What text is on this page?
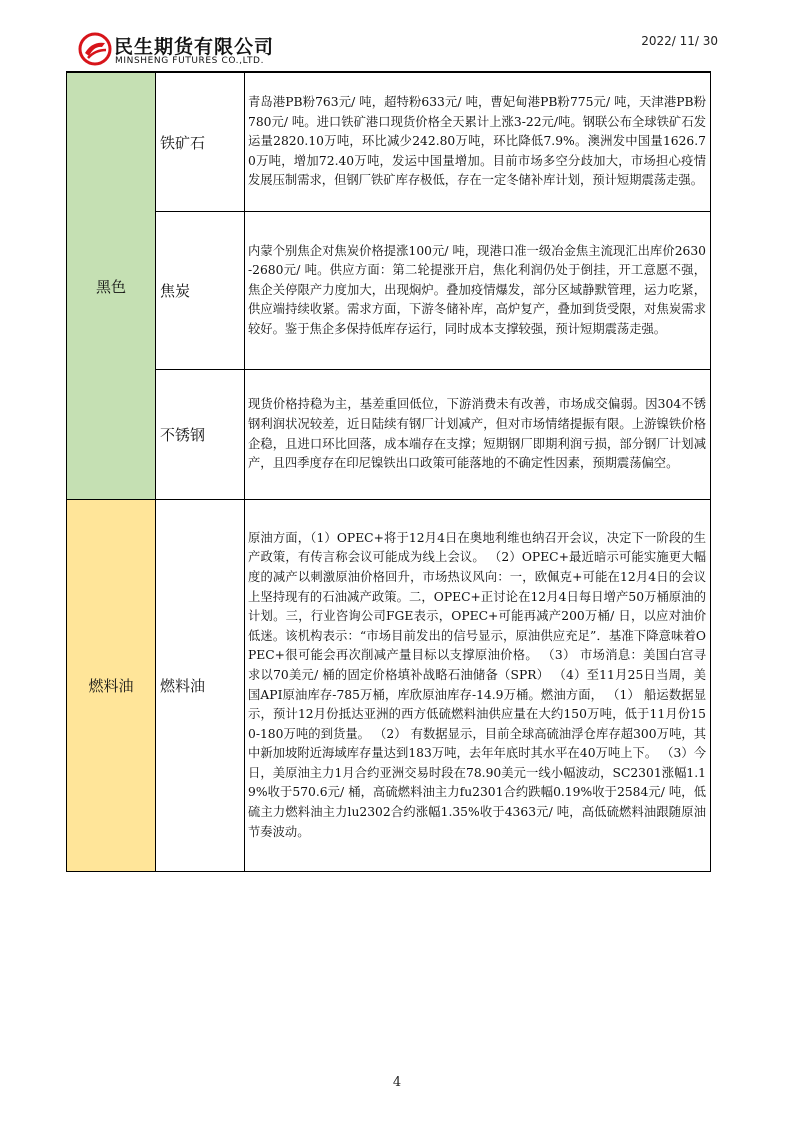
民生期货有限公司
MINSHENG FUTURES CO.,LTD.
2022/ 11/ 30
黑色	铁矿石	青岛港PB粉763元/ 吨，超特粉633元/ 吨，曹妃甸港PB粉775元/ 吨，天津港PB粉780元/ 吨。进口铁矿港口现货价格全天累计上涨3-22元/吨。钢联公布全球铁矿石发运量2820.10万吨，环比减少242.80万吨，环比降低7.9%。澳洲发中国量1626.70万吨，增加72.40万吨，发运中国量增加。目前市场多空分歧加大，市场担心疫情发展压制需求，但钢厂铁矿库存极低，存在一定冬储补库计划，预计短期震荡走强。
	焦炭	内蒙个别焦企对焦炭价格提涨100元/ 吨，现港口准一级冶金焦主流现汇出库价2630-2680元/ 吨。供应方面：第二轮提涨开启，焦化利润仍处于倒挂，开工意愿不强，焦企关停限产力度加大，出现焖炉。叠加疫情爆发，部分区域静默管理，运力吃紧，供应端持续收紧。需求方面，下游冬储补库，高炉复产，叠加到货受限，对焦炭需求较好。鉴于焦企多保持低库存运行，同时成本支撑较强，预计短期震荡走强。
	不锈钢	现货价格持稳为主，基差重回低位，下游消费未有改善，市场成交偏弱。因304不锈钢利润状况较差，近日陆续有钢厂计划减产，但对市场情绪提振有限。上游镍铁价格企稳，且进口环比回落，成本端存在支撑；短期钢厂即期利润亏损，部分钢厂计划减产，且四季度存在印尼镍铁出口政策可能落地的不确定性因素，预期震荡偏空。
燃料油	燃料油	原油方面，（1）OPEC+将于12月4日在奥地利维也纳召开会议，决定下一阶段的生产政策，有传言称会议可能成为线上会议。 （2）OPEC+最近暗示可能实施更大幅度的减产以刺激原油价格回升，市场热议风向：一，欧佩克+可能在12月4日的会议上坚持现有的石油减产政策。二，OPEC+正讨论在12月4日每日增产50万桶原油的计划。三，行业咨询公司FGE表示，OPEC+可能再减产200万桶/ 日，以应对油价低迷。该机构表示：“市场目前发出的信号显示，原油供应充足”．基准下降意味着OPEC+很可能会再次削减产量目标以支撑原油价格。 （3） 市场消息：美国白宫寻求以70美元/ 桶的固定价格填补战略石油储备（SPR） （4）至11月25日当周，美国API原油库存-785万桶，库欣原油库存-14.9万桶。燃油方面， （1） 船运数据显示，预计12月份抵达亚洲的西方低硫燃料油供应量在大约150万吨，低于11月份150-180万吨的到货量。 （2） 有数据显示，目前全球高硫油浮仓库存超300万吨，其中新加坡附近海域库存量达到183万吨，去年年底时其水平在40万吨上下。 （3）今日，美原油主力1月合约亚洲交易时段在78.90美元一线小幅波动，SC2301涨幅1.19%收于570.6元/ 桶，高硫燃料油主力fu2301合约跌幅0.19%收于2584元/ 吨，低硫主力燃料油主力lu2302合约涨幅1.35%收于4363元/ 吨，高低硫燃料油跟随原油节奏波动。
4
